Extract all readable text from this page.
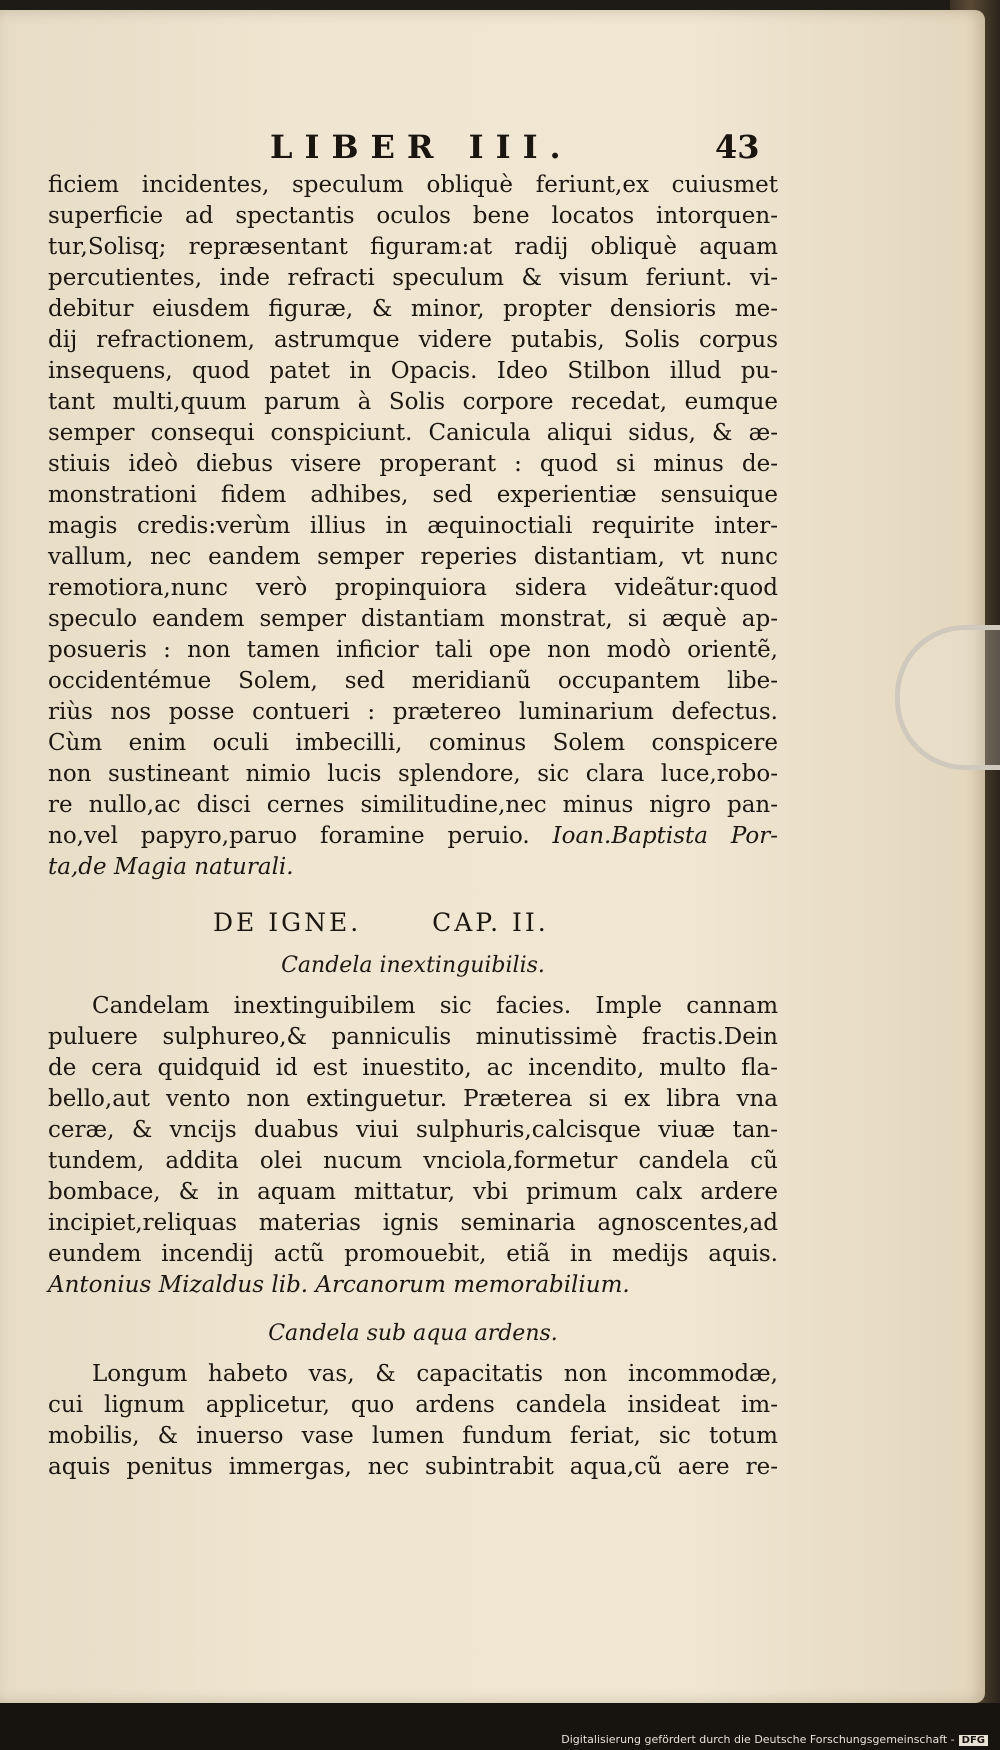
LIBER III.	43
ficiem incidentes, speculum obliquè feriunt,ex cuiusmet
superficie ad spectantis oculos bene locatos intorquen-
tur,Solisq; repræsentant figuram:at radij obliquè aquam
percutientes, inde refracti speculum & visum feriunt. vi-
debitur eiusdem figuræ, & minor, propter densioris me-
dij refractionem, astrumque videre putabis, Solis corpus
insequens, quod patet in Opacis. Ideo Stilbon illud pu-
tant multi,quum parum à Solis corpore recedat, eumque
semper consequi conspiciunt. Canicula aliqui sidus, & æ-
stiuis ideò diebus visere properant : quod si minus de-
monstrationi fidem adhibes, sed experientiæ sensuique
magis credis:verùm illius in æquinoctiali requirite inter-
vallum, nec eandem semper reperies distantiam, vt nunc
remotiora,nunc verò propinquiora sidera videãtur:quod
speculo eandem semper distantiam monstrat, si æquè ap-
posueris : non tamen inficior tali ope non modò orientẽ,
occidentémue Solem, sed meridianũ occupantem libe-
riùs nos posse contueri : prætereo luminarium defectus.
Cùm enim oculi imbecilli, cominus Solem conspicere
non sustineant nimio lucis splendore, sic clara luce,robo-
re nullo,ac disci cernes similitudine,nec minus nigro pan-
no,vel papyro,paruo foramine peruio. Ioan.Baptista Por-
ta,de Magia naturali.
DE IGNE.	CAP. II.
Candela inextinguibilis.
Candelam inextinguibilem sic facies. Imple cannam
puluere sulphureo,& panniculis minutissimè fractis.Dein
de cera quidquid id est inuestito, ac incendito, multo fla-
bello,aut vento non extinguetur. Præterea si ex libra vna
ceræ, & vncijs duabus viui sulphuris,calcisque viuæ tan-
tundem, addita olei nucum vnciola,formetur candela cũ
bombace, & in aquam mittatur, vbi primum calx ardere
incipiet,reliquas materias ignis seminaria agnoscentes,ad
eundem incendij actũ promouebit, etiã in medijs aquis.
Antonius Mizaldus lib. Arcanorum memorabilium.
Candela sub aqua ardens.
Longum habeto vas, & capacitatis non incommodæ,
cui lignum applicetur, quo ardens candela insideat im-
mobilis, & inuerso vase lumen fundum feriat, sic totum
aquis penitus immergas, nec subintrabit aqua,cũ aere re-
Digitalisierung gefördert durch die Deutsche Forschungsgemeinschaft - DFG
